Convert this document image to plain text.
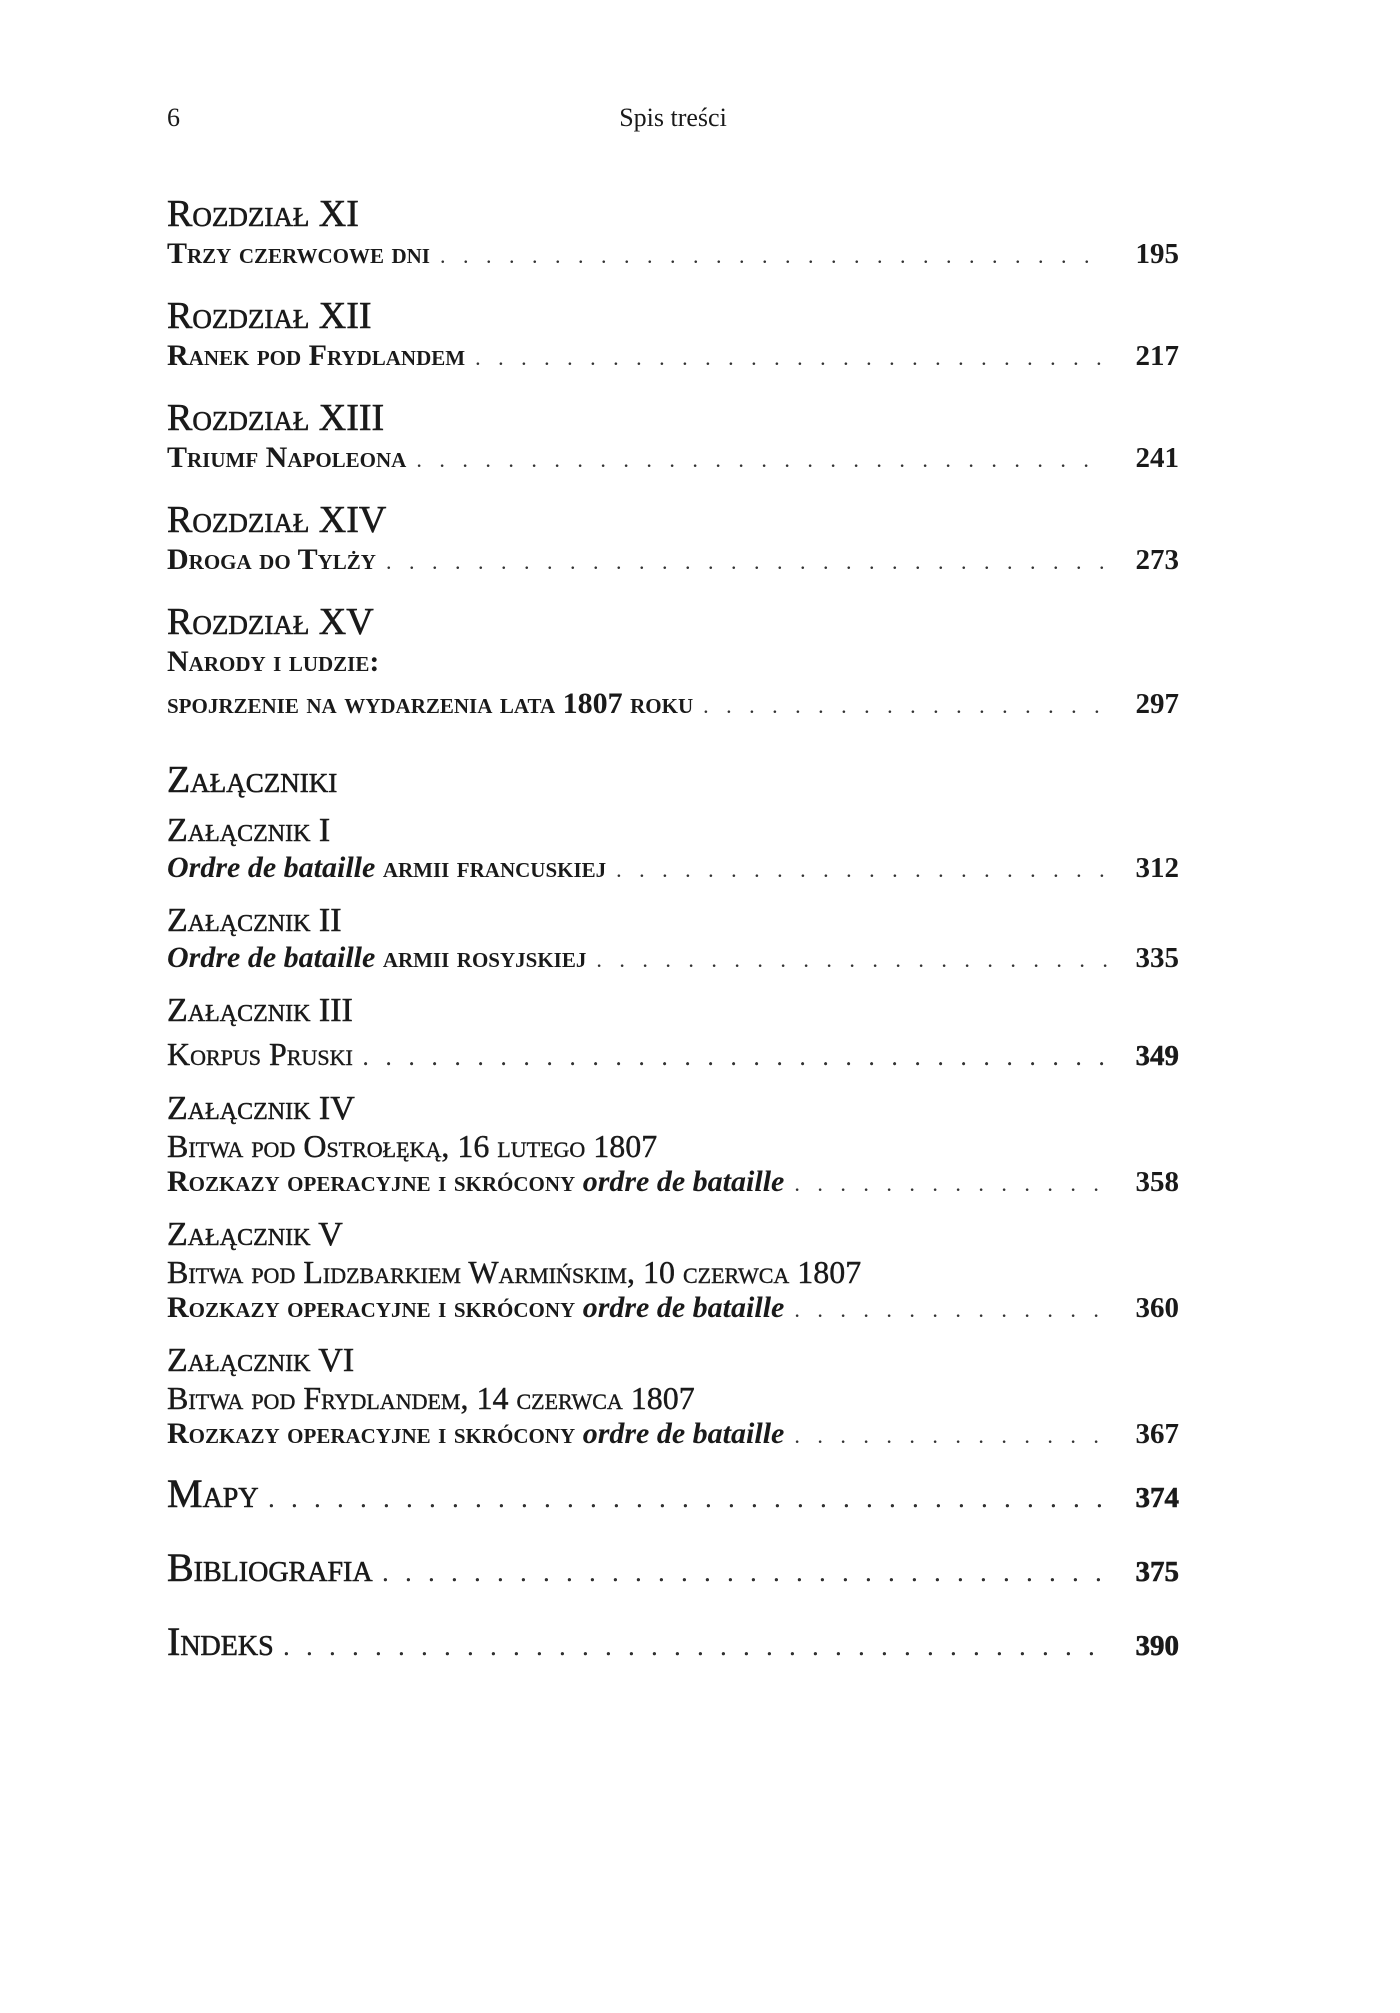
6	Spis treści
Rozdział XI
Trzy czerwcowe dni . . .	195
Rozdział XII
Ranek pod Frydlandem . . .	217
Rozdział XIII
Triumf Napoleona . . .	241
Rozdział XIV
Droga do Tylży . . .	273
Rozdział XV
Narody i ludzie:
spojrzenie na wydarzenia lata 1807 roku . . .	297
Załączniki
Załącznik I
Ordre de bataille armii francuskiej . . .	312
Załącznik II
Ordre de bataille armii rosyjskiej . . .	335
Załącznik III
Korpus Pruski . . .	349
Załącznik IV
Bitwa pod Ostrołęką, 16 lutego 1807
Rozkazy operacyjne i skrócony ordre de bataille . . .	358
Załącznik V
Bitwa pod Lidzbarkiem Warmińskim, 10 czerwca 1807
Rozkazy operacyjne i skrócony ordre de bataille . . .	360
Załącznik VI
Bitwa pod Frydlandem, 14 czerwca 1807
Rozkazy operacyjne i skrócony ordre de bataille . . .	367
Mapy . . .	374
Bibliografia . . .	375
Indeks . . .	390
